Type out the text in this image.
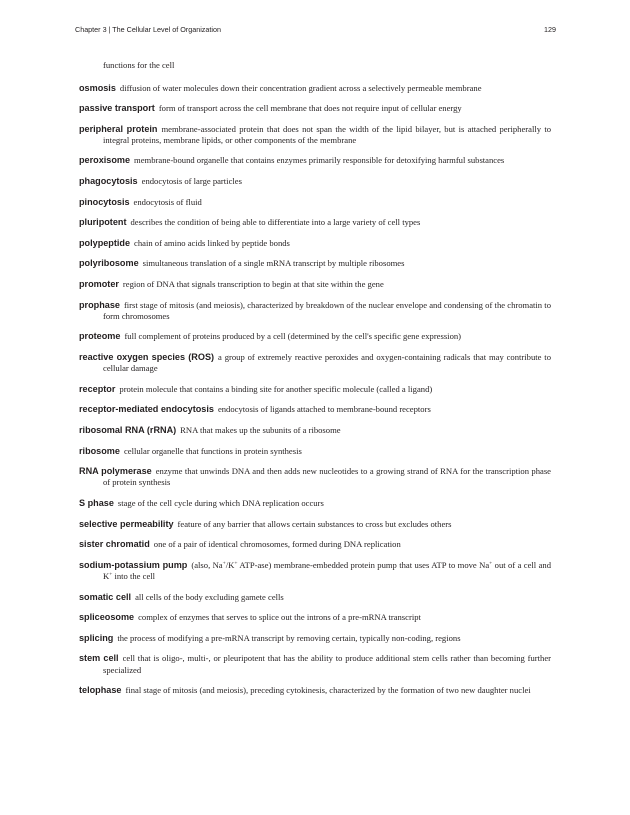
Chapter 3 | The Cellular Level of Organization	129
functions for the cell
osmosis diffusion of water molecules down their concentration gradient across a selectively permeable membrane
passive transport form of transport across the cell membrane that does not require input of cellular energy
peripheral protein membrane-associated protein that does not span the width of the lipid bilayer, but is attached peripherally to integral proteins, membrane lipids, or other components of the membrane
peroxisome membrane-bound organelle that contains enzymes primarily responsible for detoxifying harmful substances
phagocytosis endocytosis of large particles
pinocytosis endocytosis of fluid
pluripotent describes the condition of being able to differentiate into a large variety of cell types
polypeptide chain of amino acids linked by peptide bonds
polyribosome simultaneous translation of a single mRNA transcript by multiple ribosomes
promoter region of DNA that signals transcription to begin at that site within the gene
prophase first stage of mitosis (and meiosis), characterized by breakdown of the nuclear envelope and condensing of the chromatin to form chromosomes
proteome full complement of proteins produced by a cell (determined by the cell's specific gene expression)
reactive oxygen species (ROS) a group of extremely reactive peroxides and oxygen-containing radicals that may contribute to cellular damage
receptor protein molecule that contains a binding site for another specific molecule (called a ligand)
receptor-mediated endocytosis endocytosis of ligands attached to membrane-bound receptors
ribosomal RNA (rRNA) RNA that makes up the subunits of a ribosome
ribosome cellular organelle that functions in protein synthesis
RNA polymerase enzyme that unwinds DNA and then adds new nucleotides to a growing strand of RNA for the transcription phase of protein synthesis
S phase stage of the cell cycle during which DNA replication occurs
selective permeability feature of any barrier that allows certain substances to cross but excludes others
sister chromatid one of a pair of identical chromosomes, formed during DNA replication
sodium-potassium pump (also, Na+/K+ ATP-ase) membrane-embedded protein pump that uses ATP to move Na+ out of a cell and K+ into the cell
somatic cell all cells of the body excluding gamete cells
spliceosome complex of enzymes that serves to splice out the introns of a pre-mRNA transcript
splicing the process of modifying a pre-mRNA transcript by removing certain, typically non-coding, regions
stem cell cell that is oligo-, multi-, or pleuripotent that has the ability to produce additional stem cells rather than becoming further specialized
telophase final stage of mitosis (and meiosis), preceding cytokinesis, characterized by the formation of two new daughter nuclei
